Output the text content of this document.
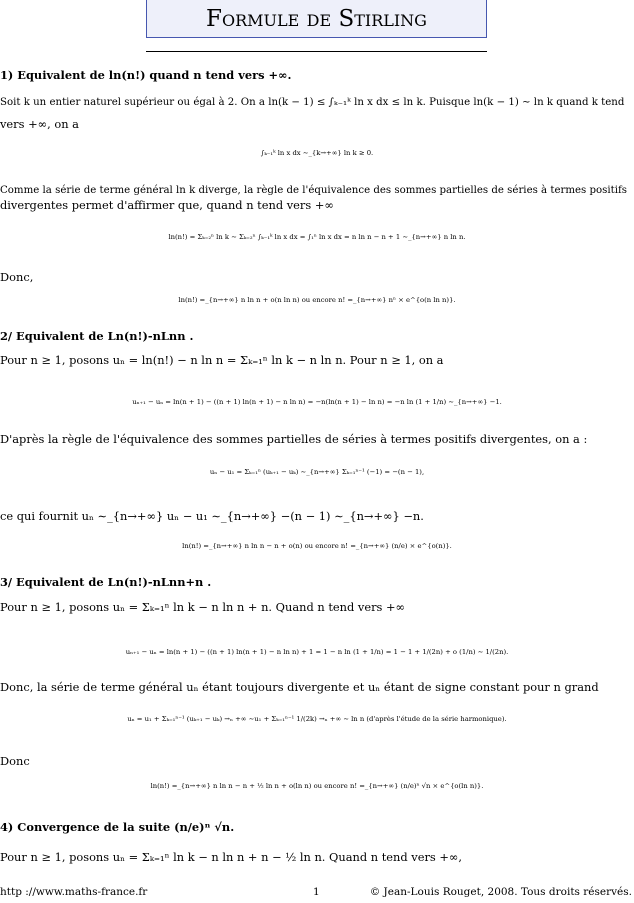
Formule de Stirling
1) Equivalent de ln(n!) quand n tend vers +∞.
Soit k un entier naturel supérieur ou égal à 2. On a ln(k − 1) ≤ ∫ₖ₋₁ᵏ ln x dx ≤ ln k. Puisque ln(k − 1) ∼ ln k quand k tend
vers +∞, on a
∫ₖ₋₁ᵏ ln x dx ∼_{k→+∞} ln k ≥ 0.
Comme la série de terme général ln k diverge, la règle de l'équivalence des sommes partielles de séries à termes positifs
divergentes permet d'affirmer que, quand n tend vers +∞
ln(n!) = Σₖ₌₂ⁿ ln k ∼ Σₖ₌₂ⁿ ∫ₖ₋₁ᵏ ln x dx = ∫₁ⁿ ln x dx = n ln n − n + 1 ∼_{n→+∞} n ln n.
Donc,
ln(n!) =_{n→+∞} n ln n + o(n ln n) ou encore n! =_{n→+∞} nⁿ × e^{o(n ln n)}.
2/ Equivalent de Ln(n!)-nLnn .
Pour n ≥ 1, posons uₙ = ln(n!) − n ln n = Σₖ₌₁ⁿ ln k − n ln n. Pour n ≥ 1, on a
uₙ₊₁ − uₙ = ln(n + 1) − ((n + 1) ln(n + 1) − n ln n) = −n(ln(n + 1) − ln n) = −n ln (1 + 1/n) ∼_{n→+∞} −1.
D'après la règle de l'équivalence des sommes partielles de séries à termes positifs divergentes, on a :
uₙ − u₁ = Σₖ₌₁ⁿ (uₖ₊₁ − uₖ) ∼_{n→+∞} Σₖ₌₁ⁿ⁻¹ (−1) = −(n − 1),
ce qui fournit uₙ ∼_{n→+∞} uₙ − u₁ ∼_{n→+∞} −(n − 1) ∼_{n→+∞} −n.
ln(n!) =_{n→+∞} n ln n − n + o(n) ou encore n! =_{n→+∞} (n/e) × e^{o(n)}.
3/ Equivalent de Ln(n!)-nLnn+n .
Pour n ≥ 1, posons uₙ = Σₖ₌₁ⁿ ln k − n ln n + n. Quand n tend vers +∞
uₙ₊₁ − uₙ = ln(n + 1) − ((n + 1) ln(n + 1) − n ln n) + 1 = 1 − n ln (1 + 1/n) = 1 − 1 + 1/(2n) + o (1/n) ∼ 1/(2n).
Donc, la série de terme général uₙ étant toujours divergente et uₙ étant de signe constant pour n grand
uₙ = u₁ + Σₖ₌₁ⁿ⁻¹ (uₖ₊₁ − uₖ) →ₙ +∞ ∼u₁ + Σₖ₌₁ⁿ⁻¹ 1/(2k) →ₙ +∞ ∼ ln n (d'après l'étude de la série harmonique).
Donc
ln(n!) =_{n→+∞} n ln n − n + ½ ln n + o(ln n) ou encore n! =_{n→+∞} (n/e)ⁿ √n × e^{o(ln n)}.
4) Convergence de la suite (n/e)ⁿ √n.
Pour n ≥ 1, posons uₙ = Σₖ₌₁ⁿ ln k − n ln n + n − ½ ln n. Quand n tend vers +∞,
http ://www.maths-france.fr	1	© Jean-Louis Rouget, 2008. Tous droits réservés.
